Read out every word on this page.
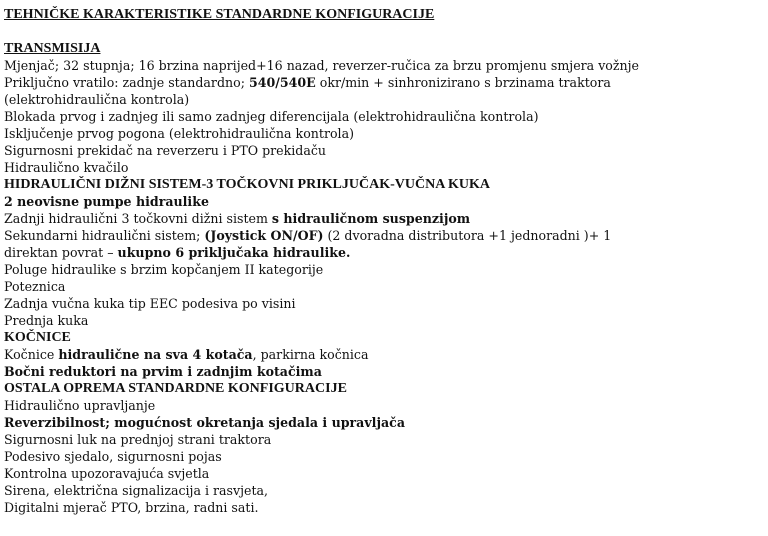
TEHNIČKE KARAKTERISTIKE STANDARDNE KONFIGURACIJE
TRANSMISIJA
Mjenjač; 32 stupnja; 16 brzina naprijed+16 nazad, reverzer-ručica za brzu promjenu smjera vožnje
Priključno vratilo: zadnje standardno; 540/540E okr/min + sinhronizirano s brzinama traktora (elektrohidraulična kontrola)
Blokada prvog i zadnjeg ili samo zadnjeg diferencijala (elektrohidraulična kontrola)
Isključenje prvog pogona (elektrohidraulična kontrola)
Sigurnosni prekidač na reverzeru i PTO prekidaču
Hidraulično kvačilo
HIDRAULIČNI DIŽNI SISTEM-3 TOČKOVNI PRIKLJUČAK-VUČNA KUKA
2 neovisne pumpe hidraulike
Zadnji hidraulični 3 točkovni dižni sistem s hidrauličnom suspenzijom
Sekundarni hidraulični sistem; (Joystick ON/OF) (2 dvoradna distributora +1 jednoradni )+ 1 direktan povrat – ukupno 6 priključaka hidraulike.
Poluge hidraulike s brzim kopčanjem II kategorije
Poteznica
Zadnja vučna kuka tip EEC podesiva po visini
Prednja kuka
KOČNICE
Kočnice hidraulične na sva 4 kotača, parkirna kočnica
Bočni reduktori na prvim i zadnjim kotačima
OSTALA OPREMA STANDARDNE KONFIGURACIJE
Hidraulično upravljanje
Reverzibilnost; mogućnost okretanja sjedala i upravljača
Sigurnosni luk na prednjoj strani traktora
Podesivo sjedalo, sigurnosni pojas
Kontrolna upozoravajuća svjetla
Sirena, električna signalizacija i rasvjeta,
Digitalni mjerač PTO, brzina, radni sati.
